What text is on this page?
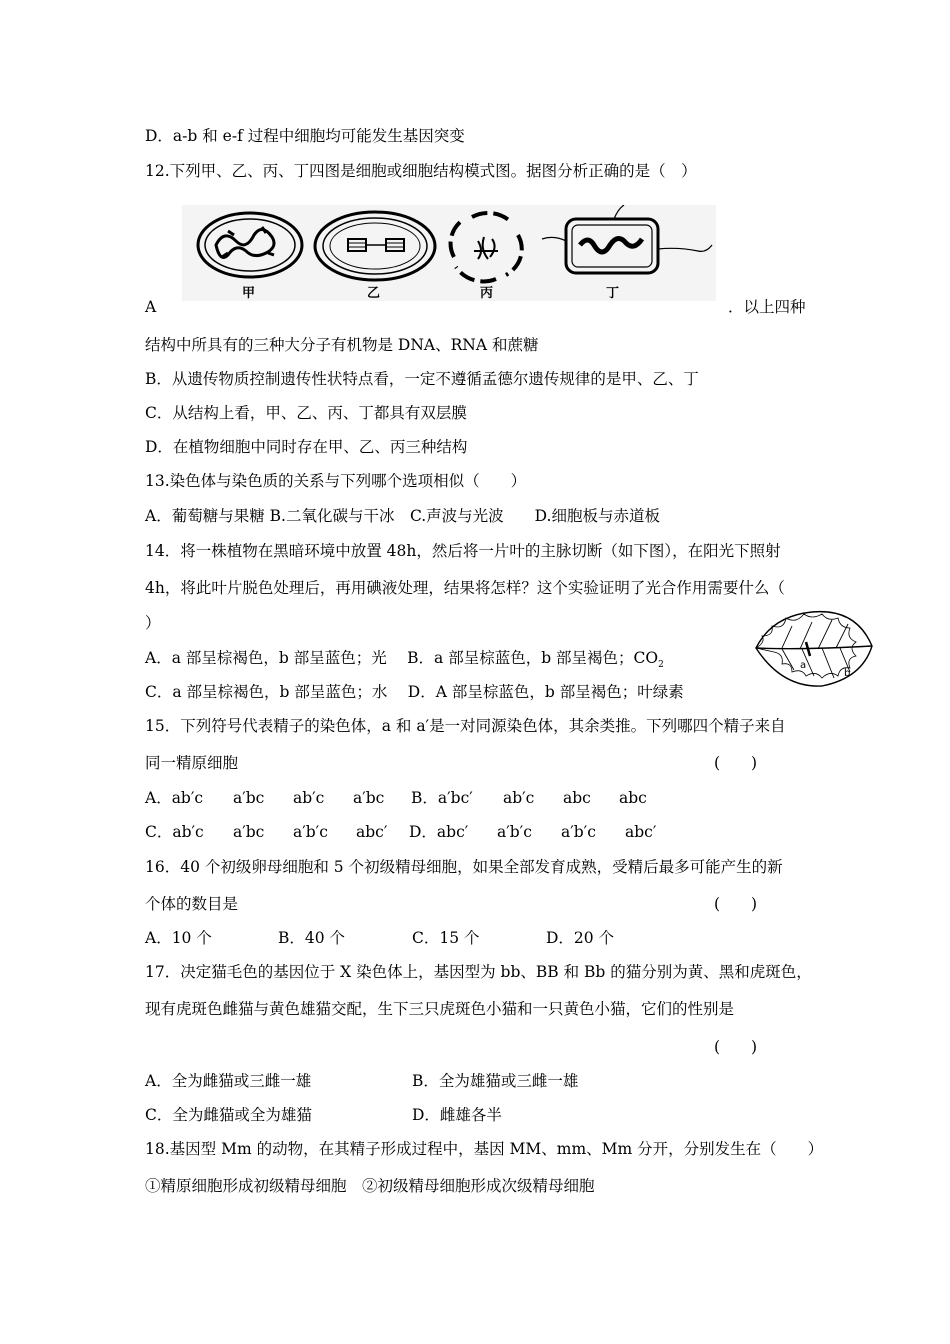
D．a-b 和 e-f 过程中细胞均可能发生基因突变
12.下列甲、乙、丙、丁四图是细胞或细胞结构模式图。据图分析正确的是（　）
甲	乙	丙	丁
A	．以上四种
结构中所具有的三种大分子有机物是 DNA、RNA 和蔗糖
B．从遗传物质控制遗传性状特点看，一定不遵循孟德尔遗传规律的是甲、乙、丁
C．从结构上看，甲、乙、丙、丁都具有双层膜
D．在植物细胞中同时存在甲、乙、丙三种结构
13.染色体与染色质的关系与下列哪个选项相似（　　）
A．葡萄糖与果糖 B.二氧化碳与干冰　C.声波与光波　　D.细胞板与赤道板
14．将一株植物在黑暗环境中放置 48h，然后将一片叶的主脉切断（如下图），在阳光下照射
4h，将此叶片脱色处理后，再用碘液处理，结果将怎样？这个实验证明了光合作用需要什么（
）
A．a 部呈棕褐色，b 部呈蓝色；光　 B．a 部呈棕蓝色，b 部呈褐色；$CO_2$
C．a 部呈棕褐色，b 部呈蓝色；水　 D．A 部呈棕蓝色，b 部呈褐色；叶绿素
a
b
15．下列符号代表精子的染色体，a 和 a′是一对同源染色体，其余类推。下列哪四个精子来自
同一精原细胞	(　　)
A．ab′c a′bc ab′c a′bc B．a′bc′ ab′c abc abc
C．ab′c a′bc a′b′c abc′ D．abc′ a′b′c a′b′c abc′
16．40 个初级卵母细胞和 5 个初级精母细胞，如果全部发育成熟，受精后最多可能产生的新
个体的数目是	(　　)
A．10 个	B．40 个	C．15 个	D．20 个
17．决定猫毛色的基因位于 X 染色体上，基因型为 bb、BB 和 Bb 的猫分别为黄、黑和虎斑色，
现有虎斑色雌猫与黄色雄猫交配，生下三只虎斑色小猫和一只黄色小猫，它们的性别是
(　　)
A．全为雌猫或三雌一雄	B．全为雄猫或三雌一雄
C．全为雌猫或全为雄猫	D．雌雄各半
18.基因型 Mm 的动物，在其精子形成过程中，基因 MM、mm、Mm 分开，分别发生在（　　）
①精原细胞形成初级精母细胞　②初级精母细胞形成次级精母细胞
